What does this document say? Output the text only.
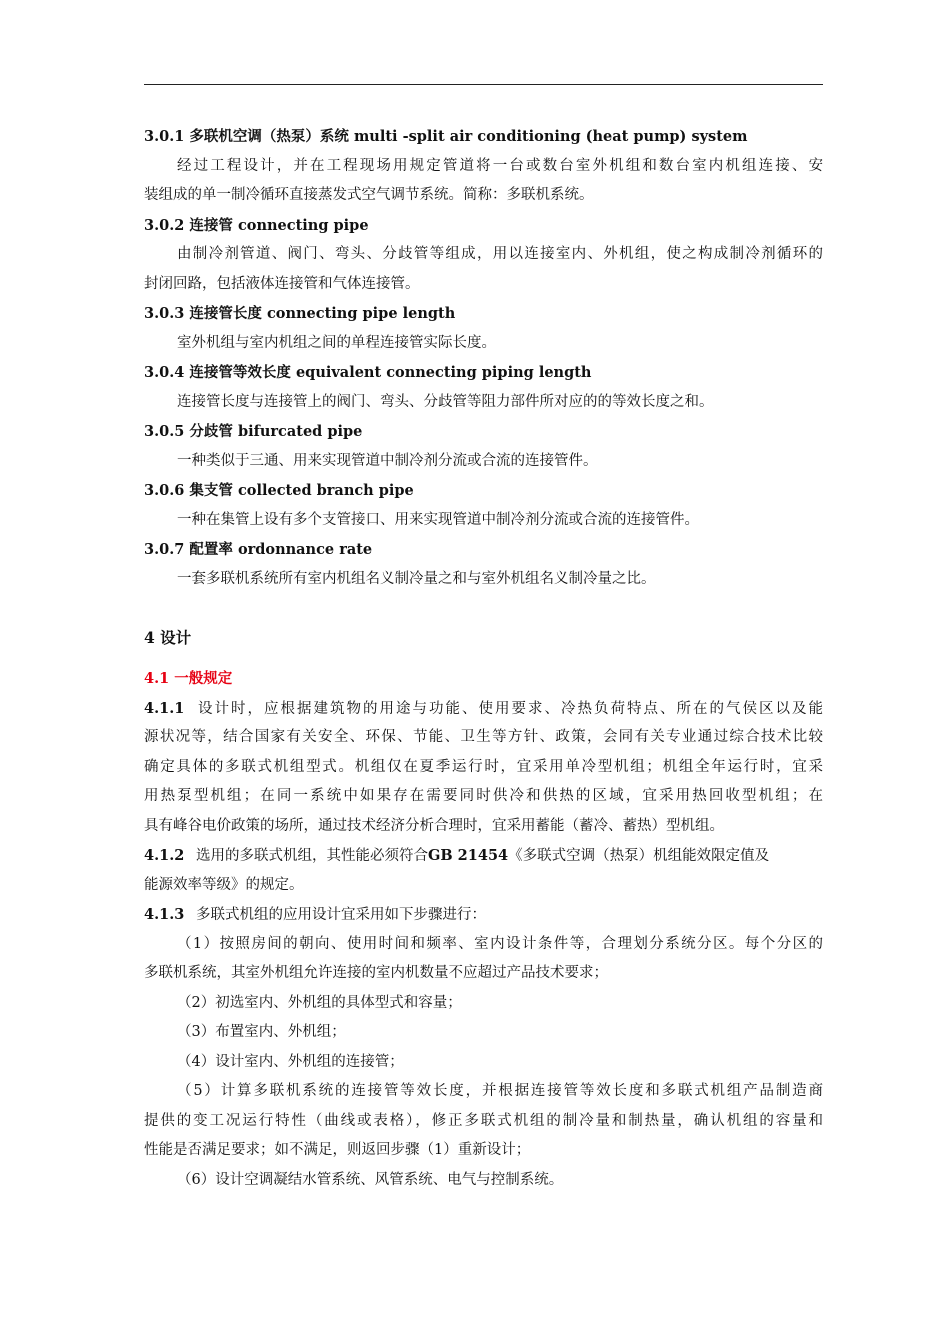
3.0.1 多联机空调（热泵）系统 multi -split air conditioning (heat pump) system
经过工程设计，并在工程现场用规定管道将一台或数台室外机组和数台室内机组连接、安
装组成的单一制冷循环直接蒸发式空气调节系统。简称：多联机系统。
3.0.2 连接管 connecting pipe
由制冷剂管道、阀门、弯头、分歧管等组成，用以连接室内、外机组，使之构成制冷剂循环的
封闭回路，包括液体连接管和气体连接管。
3.0.3 连接管长度 connecting pipe length
室外机组与室内机组之间的单程连接管实际长度。
3.0.4 连接管等效长度 equivalent connecting piping length
连接管长度与连接管上的阀门、弯头、分歧管等阻力部件所对应的的等效长度之和。
3.0.5 分歧管 bifurcated pipe
一种类似于三通、用来实现管道中制冷剂分流或合流的连接管件。
3.0.6 集支管 collected branch pipe
一种在集管上设有多个支管接口、用来实现管道中制冷剂分流或合流的连接管件。
3.0.7 配置率 ordonnance rate
一套多联机系统所有室内机组名义制冷量之和与室外机组名义制冷量之比。
4 设计
4.1 一般规定
4.1.1 设计时，应根据建筑物的用途与功能、使用要求、冷热负荷特点、所在的气侯区以及能
源状况等，结合国家有关安全、环保、节能、卫生等方针、政策，会同有关专业通过综合技术比较
确定具体的多联式机组型式。机组仅在夏季运行时，宜采用单冷型机组；机组全年运行时，宜采
用热泵型机组；在同一系统中如果存在需要同时供冷和供热的区域，宜采用热回收型机组；在
具有峰谷电价政策的场所，通过技术经济分析合理时，宜采用蓄能（蓄冷、蓄热）型机组。
4.1.2 选用的多联式机组，其性能必须符合GB 21454《多联式空调（热泵）机组能效限定值及
能源效率等级》的规定。
4.1.3 多联式机组的应用设计宜采用如下步骤进行：
（1）按照房间的朝向、使用时间和频率、室内设计条件等，合理划分系统分区。每个分区的
多联机系统，其室外机组允许连接的室内机数量不应超过产品技术要求；
（2）初选室内、外机组的具体型式和容量；
（3）布置室内、外机组；
（4）设计室内、外机组的连接管；
（5）计算多联机系统的连接管等效长度，并根据连接管等效长度和多联式机组产品制造商
提供的变工况运行特性（曲线或表格），修正多联式机组的制冷量和制热量，确认机组的容量和
性能是否满足要求；如不满足，则返回步骤（1）重新设计；
（6）设计空调凝结水管系统、风管系统、电气与控制系统。
